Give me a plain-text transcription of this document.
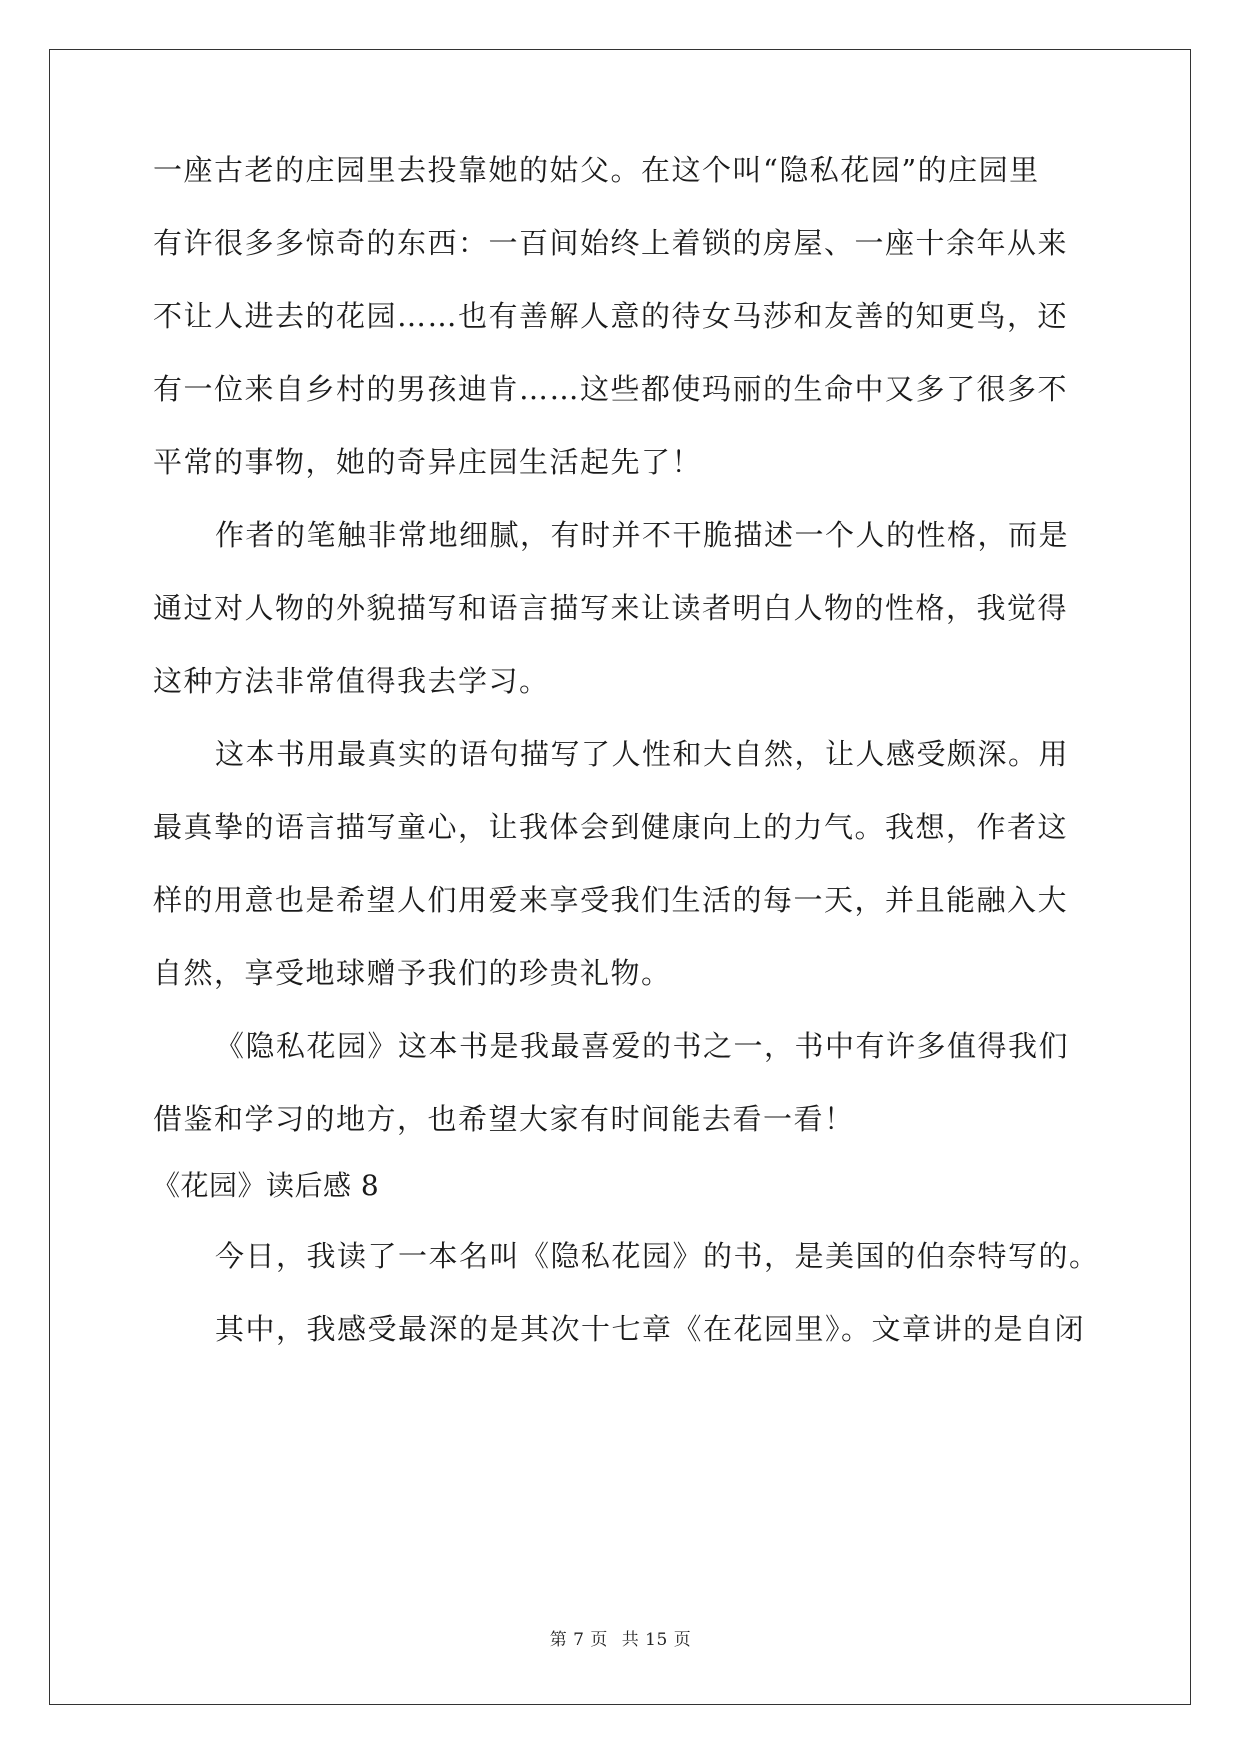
一座古老的庄园里去投靠她的姑父。在这个叫“隐私花园”的庄园里
有许很多多惊奇的东西：一百间始终上着锁的房屋、一座十余年从来
不让人进去的花园……也有善解人意的待女马莎和友善的知更鸟，还
有一位来自乡村的男孩迪肯……这些都使玛丽的生命中又多了很多不
平常的事物，她的奇异庄园生活起先了！
作者的笔触非常地细腻，有时并不干脆描述一个人的性格，而是
通过对人物的外貌描写和语言描写来让读者明白人物的性格，我觉得
这种方法非常值得我去学习。
这本书用最真实的语句描写了人性和大自然，让人感受颇深。用
最真挚的语言描写童心，让我体会到健康向上的力气。我想，作者这
样的用意也是希望人们用爱来享受我们生活的每一天，并且能融入大
自然，享受地球赠予我们的珍贵礼物。
《隐私花园》这本书是我最喜爱的书之一，书中有许多值得我们
借鉴和学习的地方，也希望大家有时间能去看一看！
《花园》读后感 8
今日，我读了一本名叫《隐私花园》的书，是美国的伯奈特写的。
其中，我感受最深的是其次十七章《在花园里》。文章讲的是自闭
第 7 页 共 15 页
